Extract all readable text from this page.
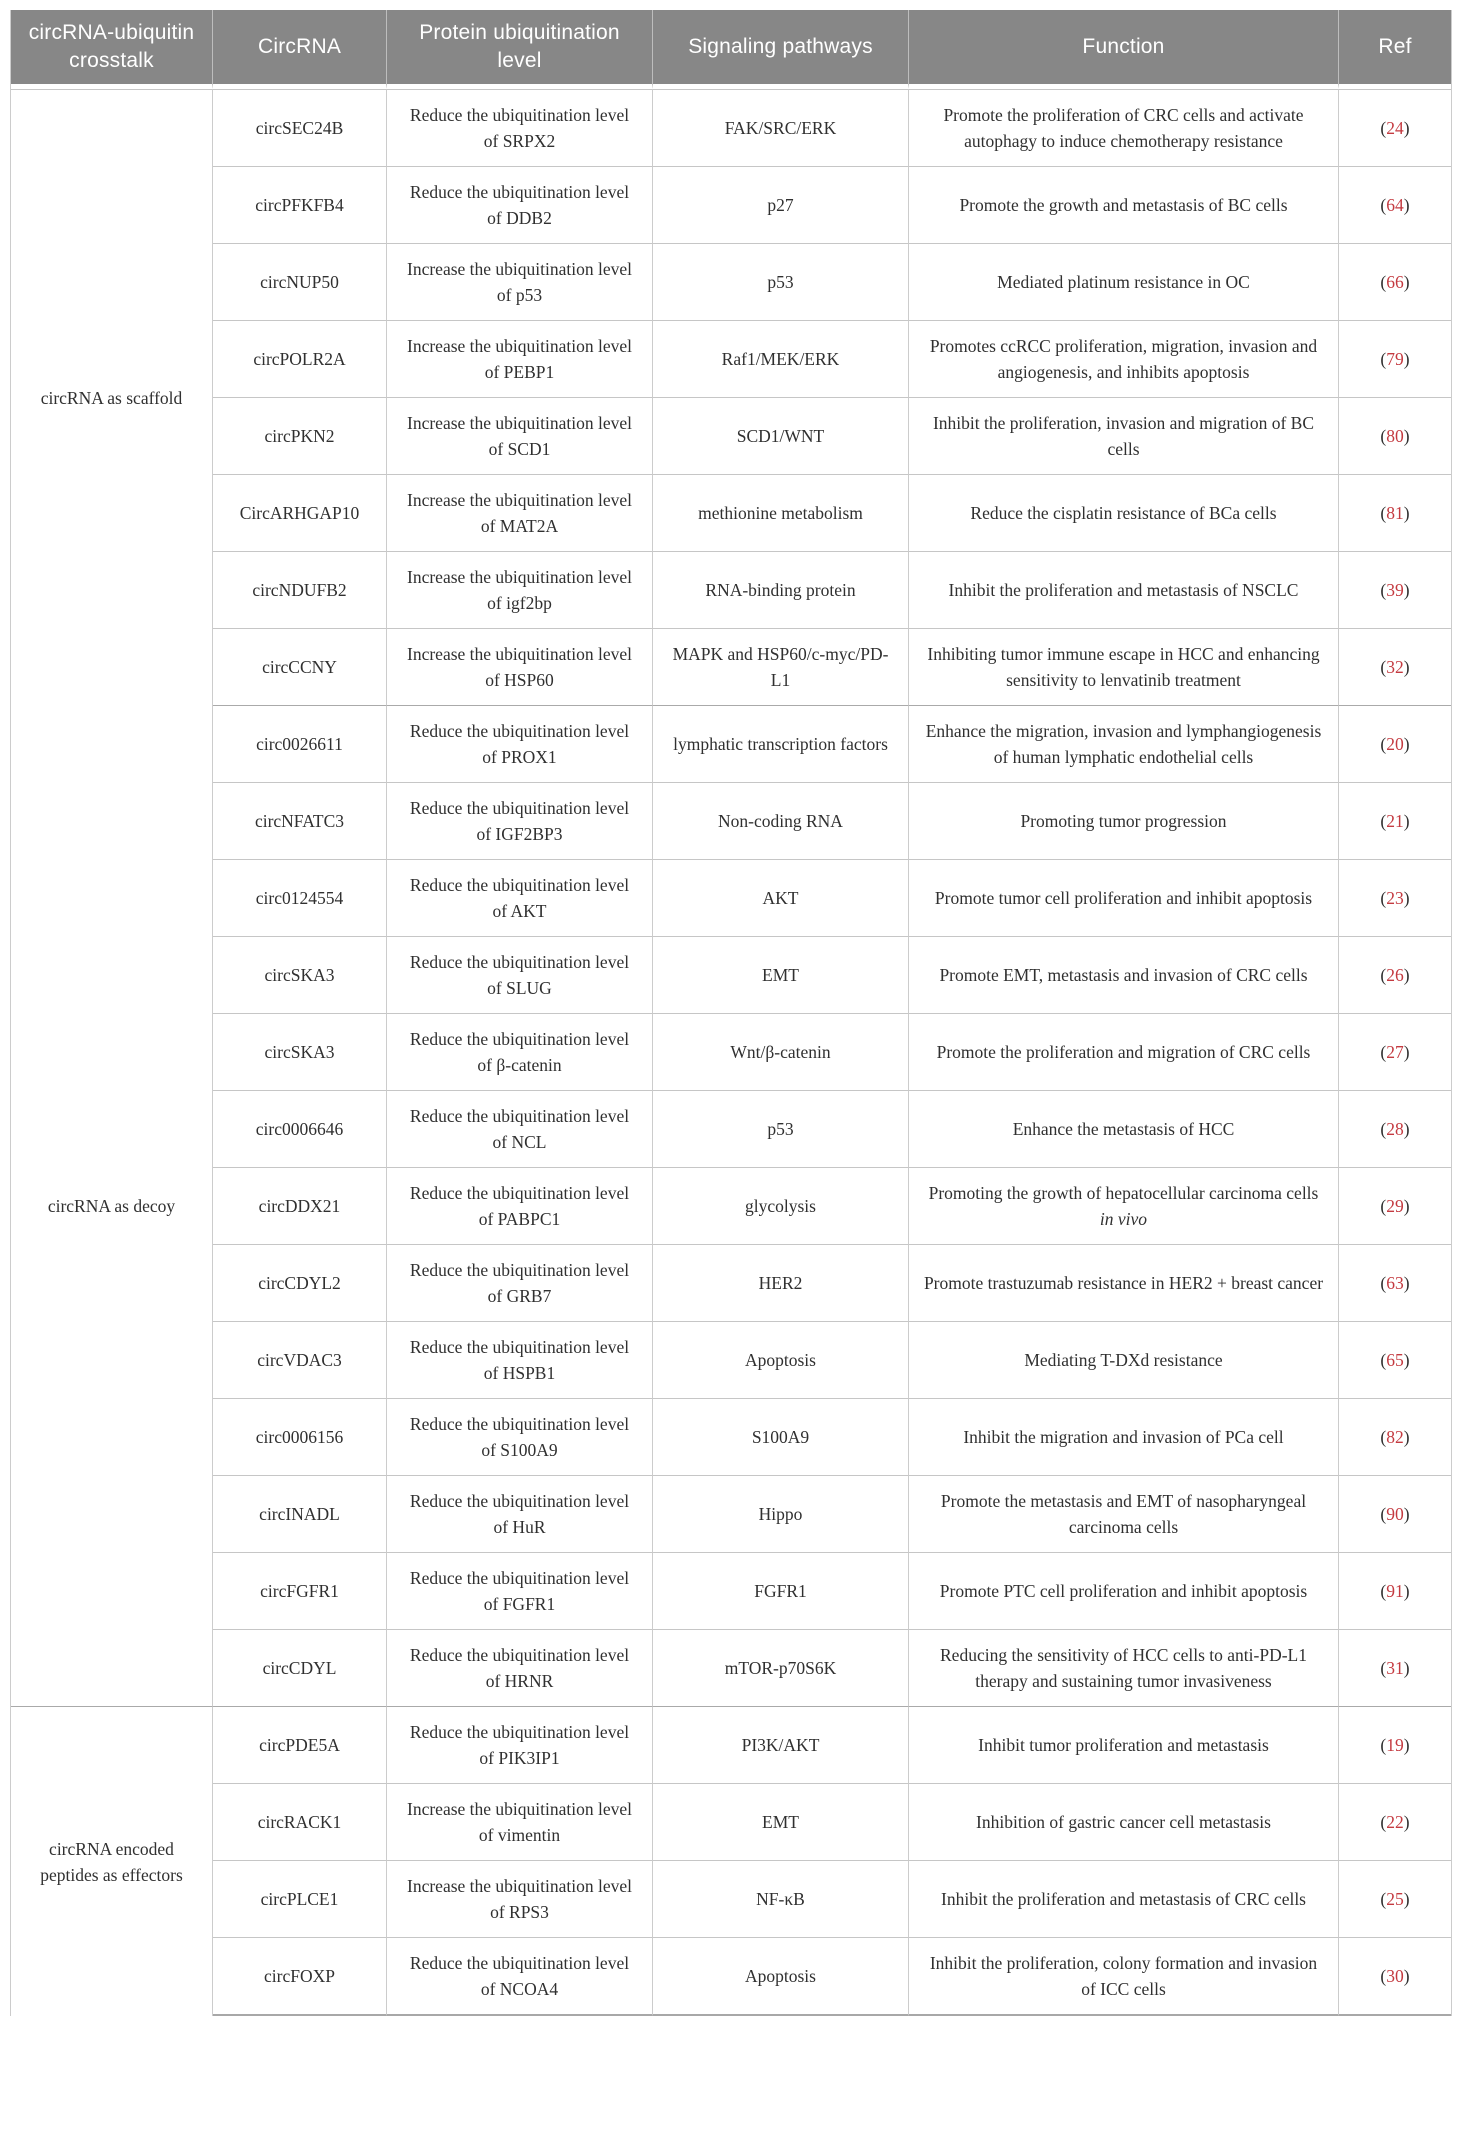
circRNA-ubiquitin crosstalk	CircRNA	Protein ubiquitination level	Signaling pathways	Function	Ref
circRNA as scaffold	circSEC24B	Reduce the ubiquitination level of SRPX2	FAK/SRC/ERK	Promote the proliferation of CRC cells and activate autophagy to induce chemotherapy resistance	(24)
	circPFKFB4	Reduce the ubiquitination level of DDB2	p27	Promote the growth and metastasis of BC cells	(64)
	circNUP50	Increase the ubiquitination level of p53	p53	Mediated platinum resistance in OC	(66)
	circPOLR2A	Increase the ubiquitination level of PEBP1	Raf1/MEK/ERK	Promotes ccRCC proliferation, migration, invasion and angiogenesis, and inhibits apoptosis	(79)
	circPKN2	Increase the ubiquitination level of SCD1	SCD1/WNT	Inhibit the proliferation, invasion and migration of BC cells	(80)
	CircARHGAP10	Increase the ubiquitination level of MAT2A	methionine metabolism	Reduce the cisplatin resistance of BCa cells	(81)
	circNDUFB2	Increase the ubiquitination level of igf2bp	RNA-binding protein	Inhibit the proliferation and metastasis of NSCLC	(39)
	circCCNY	Increase the ubiquitination level of HSP60	MAPK and HSP60/c-myc/PD-L1	Inhibiting tumor immune escape in HCC and enhancing sensitivity to lenvatinib treatment	(32)
circRNA as decoy	circ0026611	Reduce the ubiquitination level of PROX1	lymphatic transcription factors	Enhance the migration, invasion and lymphangiogenesis of human lymphatic endothelial cells	(20)
	circNFATC3	Reduce the ubiquitination level of IGF2BP3	Non-coding RNA	Promoting tumor progression	(21)
	circ0124554	Reduce the ubiquitination level of AKT	AKT	Promote tumor cell proliferation and inhibit apoptosis	(23)
	circSKA3	Reduce the ubiquitination level of SLUG	EMT	Promote EMT, metastasis and invasion of CRC cells	(26)
	circSKA3	Reduce the ubiquitination level of β-catenin	Wnt/β-catenin	Promote the proliferation and migration of CRC cells	(27)
	circ0006646	Reduce the ubiquitination level of NCL	p53	Enhance the metastasis of HCC	(28)
	circDDX21	Reduce the ubiquitination level of PABPC1	glycolysis	Promoting the growth of hepatocellular carcinoma cells in vivo	(29)
	circCDYL2	Reduce the ubiquitination level of GRB7	HER2	Promote trastuzumab resistance in HER2 + breast cancer	(63)
	circVDAC3	Reduce the ubiquitination level of HSPB1	Apoptosis	Mediating T-DXd resistance	(65)
	circ0006156	Reduce the ubiquitination level of S100A9	S100A9	Inhibit the migration and invasion of PCa cell	(82)
	circINADL	Reduce the ubiquitination level of HuR	Hippo	Promote the metastasis and EMT of nasopharyngeal carcinoma cells	(90)
	circFGFR1	Reduce the ubiquitination level of FGFR1	FGFR1	Promote PTC cell proliferation and inhibit apoptosis	(91)
	circCDYL	Reduce the ubiquitination level of HRNR	mTOR-p70S6K	Reducing the sensitivity of HCC cells to anti-PD-L1 therapy and sustaining tumor invasiveness	(31)
circRNA encoded peptides as effectors	circPDE5A	Reduce the ubiquitination level of PIK3IP1	PI3K/AKT	Inhibit tumor proliferation and metastasis	(19)
	circRACK1	Increase the ubiquitination level of vimentin	EMT	Inhibition of gastric cancer cell metastasis	(22)
	circPLCE1	Increase the ubiquitination level of RPS3	NF-κB	Inhibit the proliferation and metastasis of CRC cells	(25)
	circFOXP	Reduce the ubiquitination level of NCOA4	Apoptosis	Inhibit the proliferation, colony formation and invasion of ICC cells	(30)
